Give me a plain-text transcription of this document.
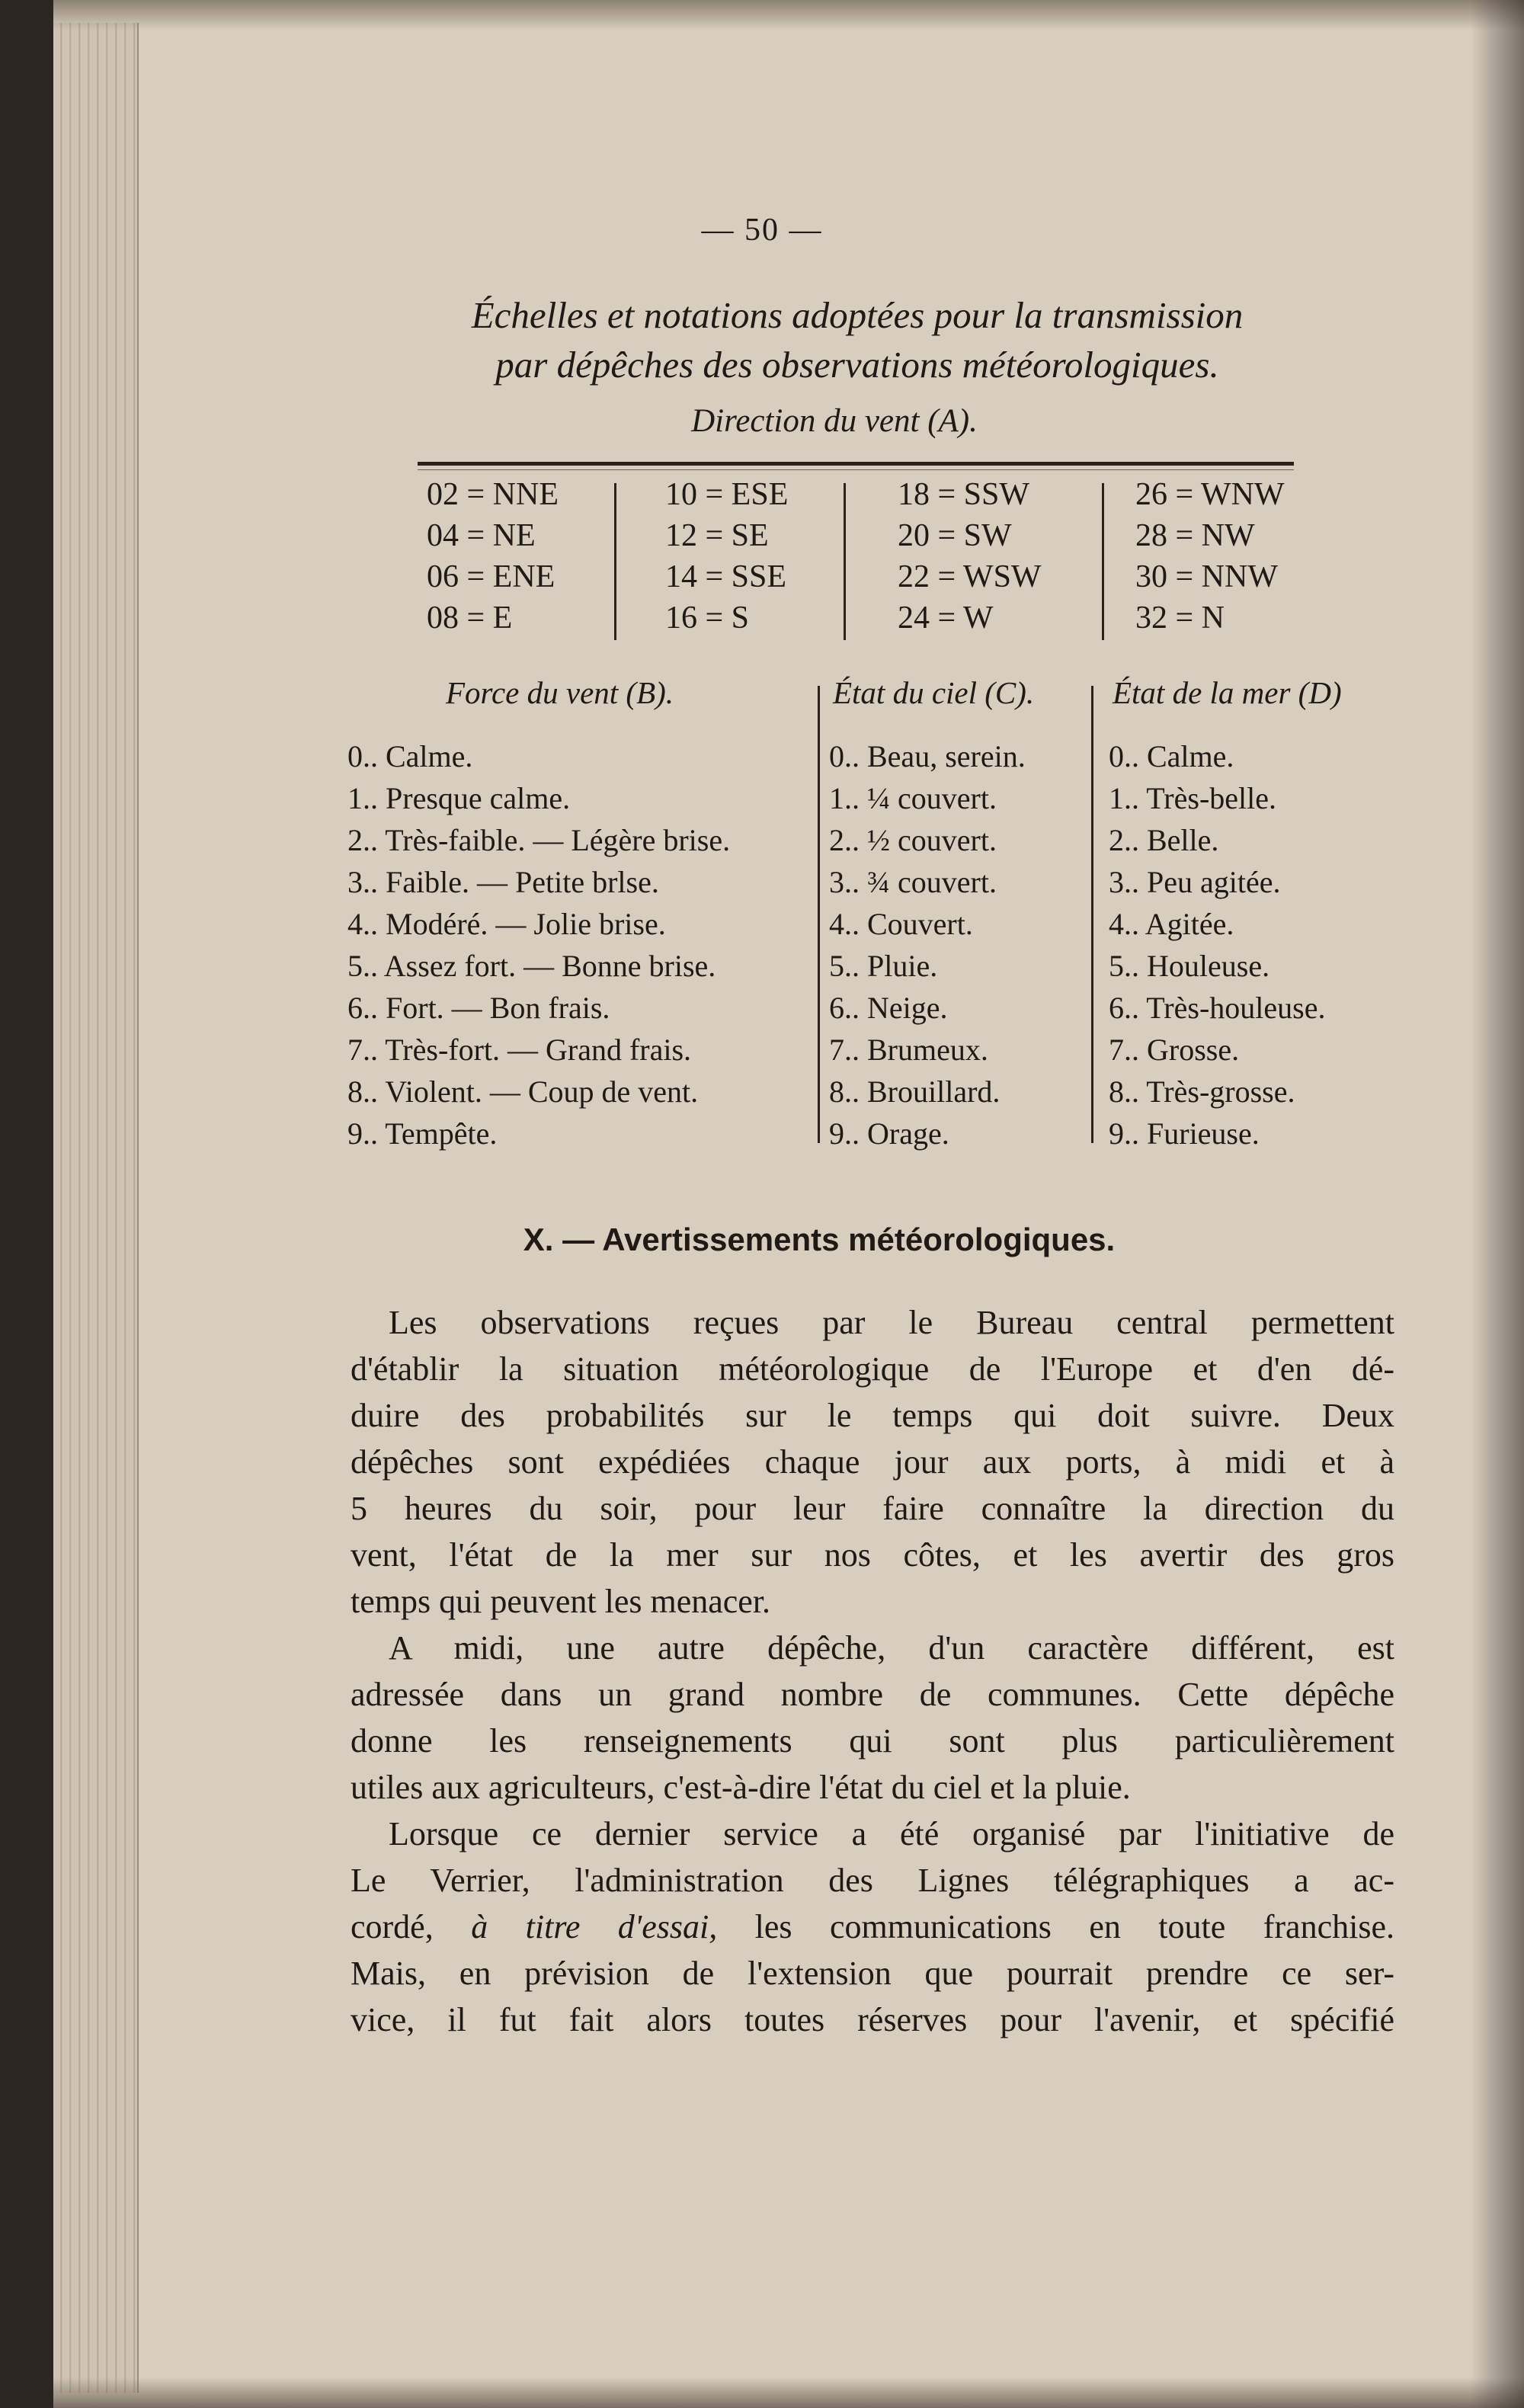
— 50 —
Échelles et notations adoptées pour la transmission
par dépêches des observations météorologiques.
Direction du vent (A).
02 = NNE
04 = NE
06 = ENE
08 = E
10 = ESE
12 = SE
14 = SSE
16 = S
18 = SSW
20 = SW
22 = WSW
24 = W
26 = WNW
28 = NW
30 = NNW
32 = N
Force du vent (B).	État du ciel (C).	État de la mer (D)
0.. Calme.
1.. Presque calme.
2.. Très-faible. — Légère brise.
3.. Faible. — Petite brlse.
4.. Modéré. — Jolie brise.
5.. Assez fort. — Bonne brise.
6.. Fort. — Bon frais.
7.. Très-fort. — Grand frais.
8.. Violent. — Coup de vent.
9.. Tempête.
0.. Beau, serein.
1.. ¼ couvert.
2.. ½ couvert.
3.. ¾ couvert.
4.. Couvert.
5.. Pluie.
6.. Neige.
7.. Brumeux.
8.. Brouillard.
9.. Orage.
0.. Calme.
1.. Très-belle.
2.. Belle.
3.. Peu agitée.
4.. Agitée.
5.. Houleuse.
6.. Très-houleuse.
7.. Grosse.
8.. Très-grosse.
9.. Furieuse.
X. — Avertissements météorologiques.
Les observations reçues par le Bureau central permettent
d'établir la situation météorologique de l'Europe et d'en dé-
duire des probabilités sur le temps qui doit suivre. Deux
dépêches sont expédiées chaque jour aux ports, à midi et à
5 heures du soir, pour leur faire connaître la direction du
vent, l'état de la mer sur nos côtes, et les avertir des gros
temps qui peuvent les menacer.
A midi, une autre dépêche, d'un caractère différent, est
adressée dans un grand nombre de communes. Cette dépêche
donne les renseignements qui sont plus particulièrement
utiles aux agriculteurs, c'est-à-dire l'état du ciel et la pluie.
Lorsque ce dernier service a été organisé par l'initiative de
Le Verrier, l'administration des Lignes télégraphiques a ac-
cordé, à titre d'essai, les communications en toute franchise.
Mais, en prévision de l'extension que pourrait prendre ce ser-
vice, il fut fait alors toutes réserves pour l'avenir, et spécifié
